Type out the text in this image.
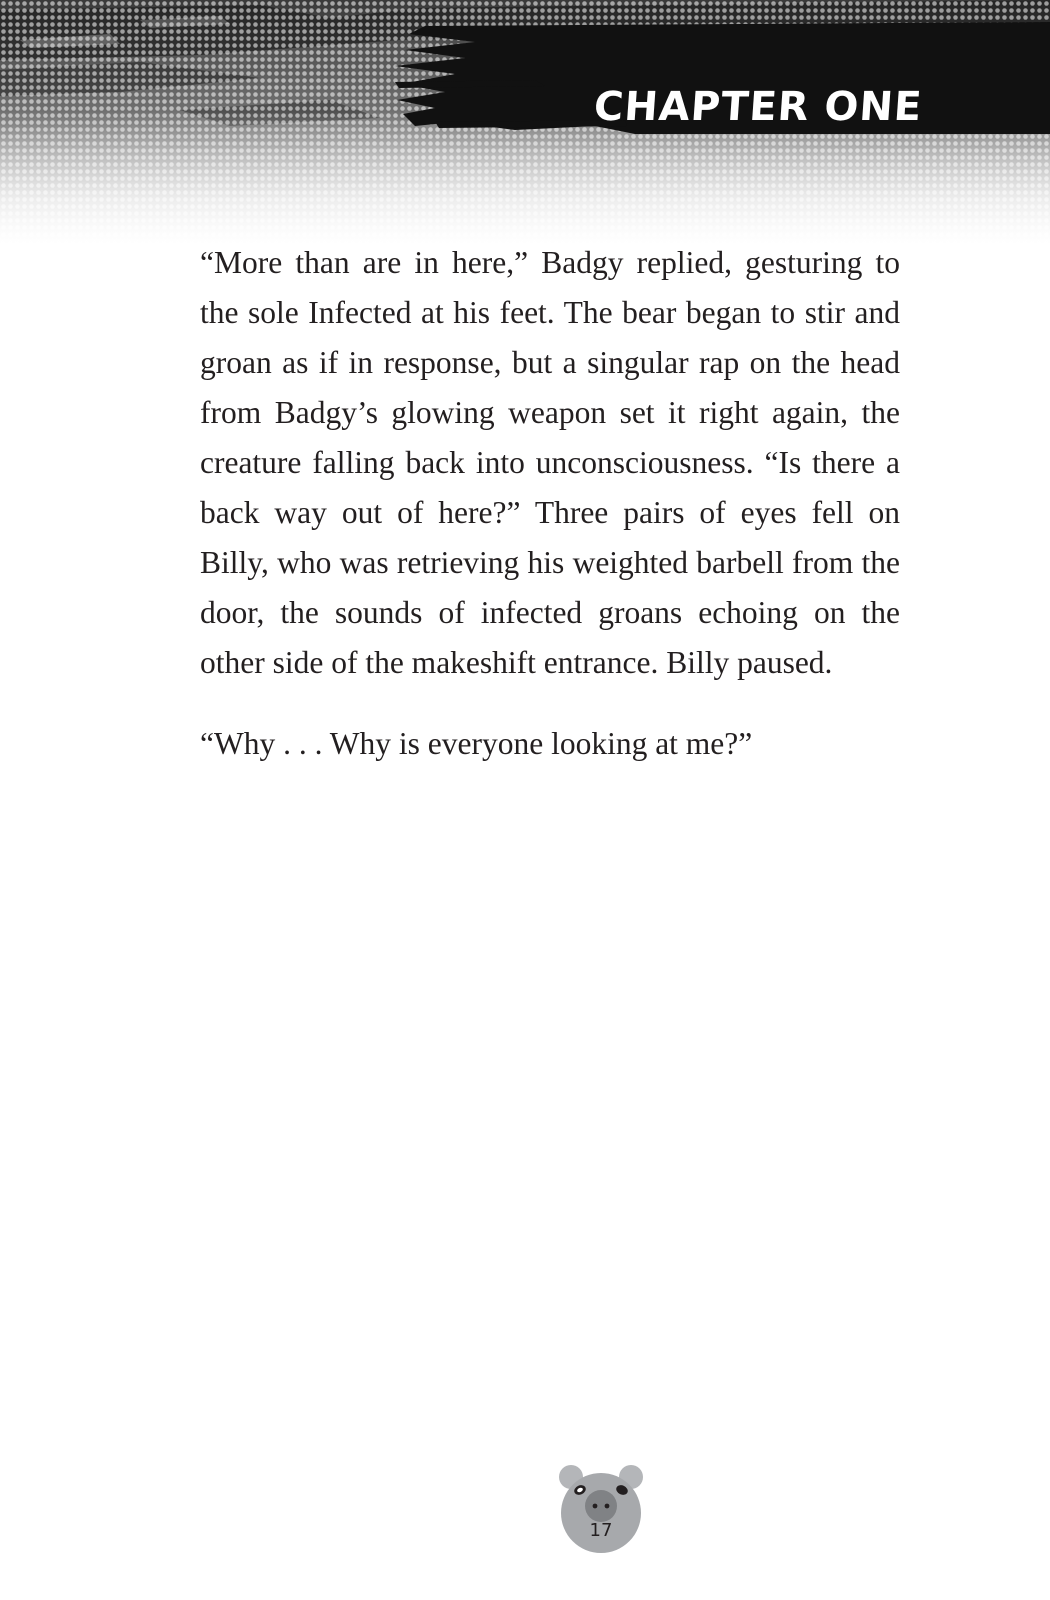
CHAPTER ONE

“More than are in here,” Badgy replied, gesturing to the sole Infected at his feet. The bear began to stir and groan as if in response, but a singular rap on the head from Badgy’s glowing weapon set it right again, the creature falling back into unconsciousness. “Is there a back way out of here?” Three pairs of eyes fell on Billy, who was retrieving his weighted barbell from the door, the sounds of infected groans echoing on the other side of the makeshift entrance. Billy paused.

“Why . . . Why is everyone looking at me?”

17
